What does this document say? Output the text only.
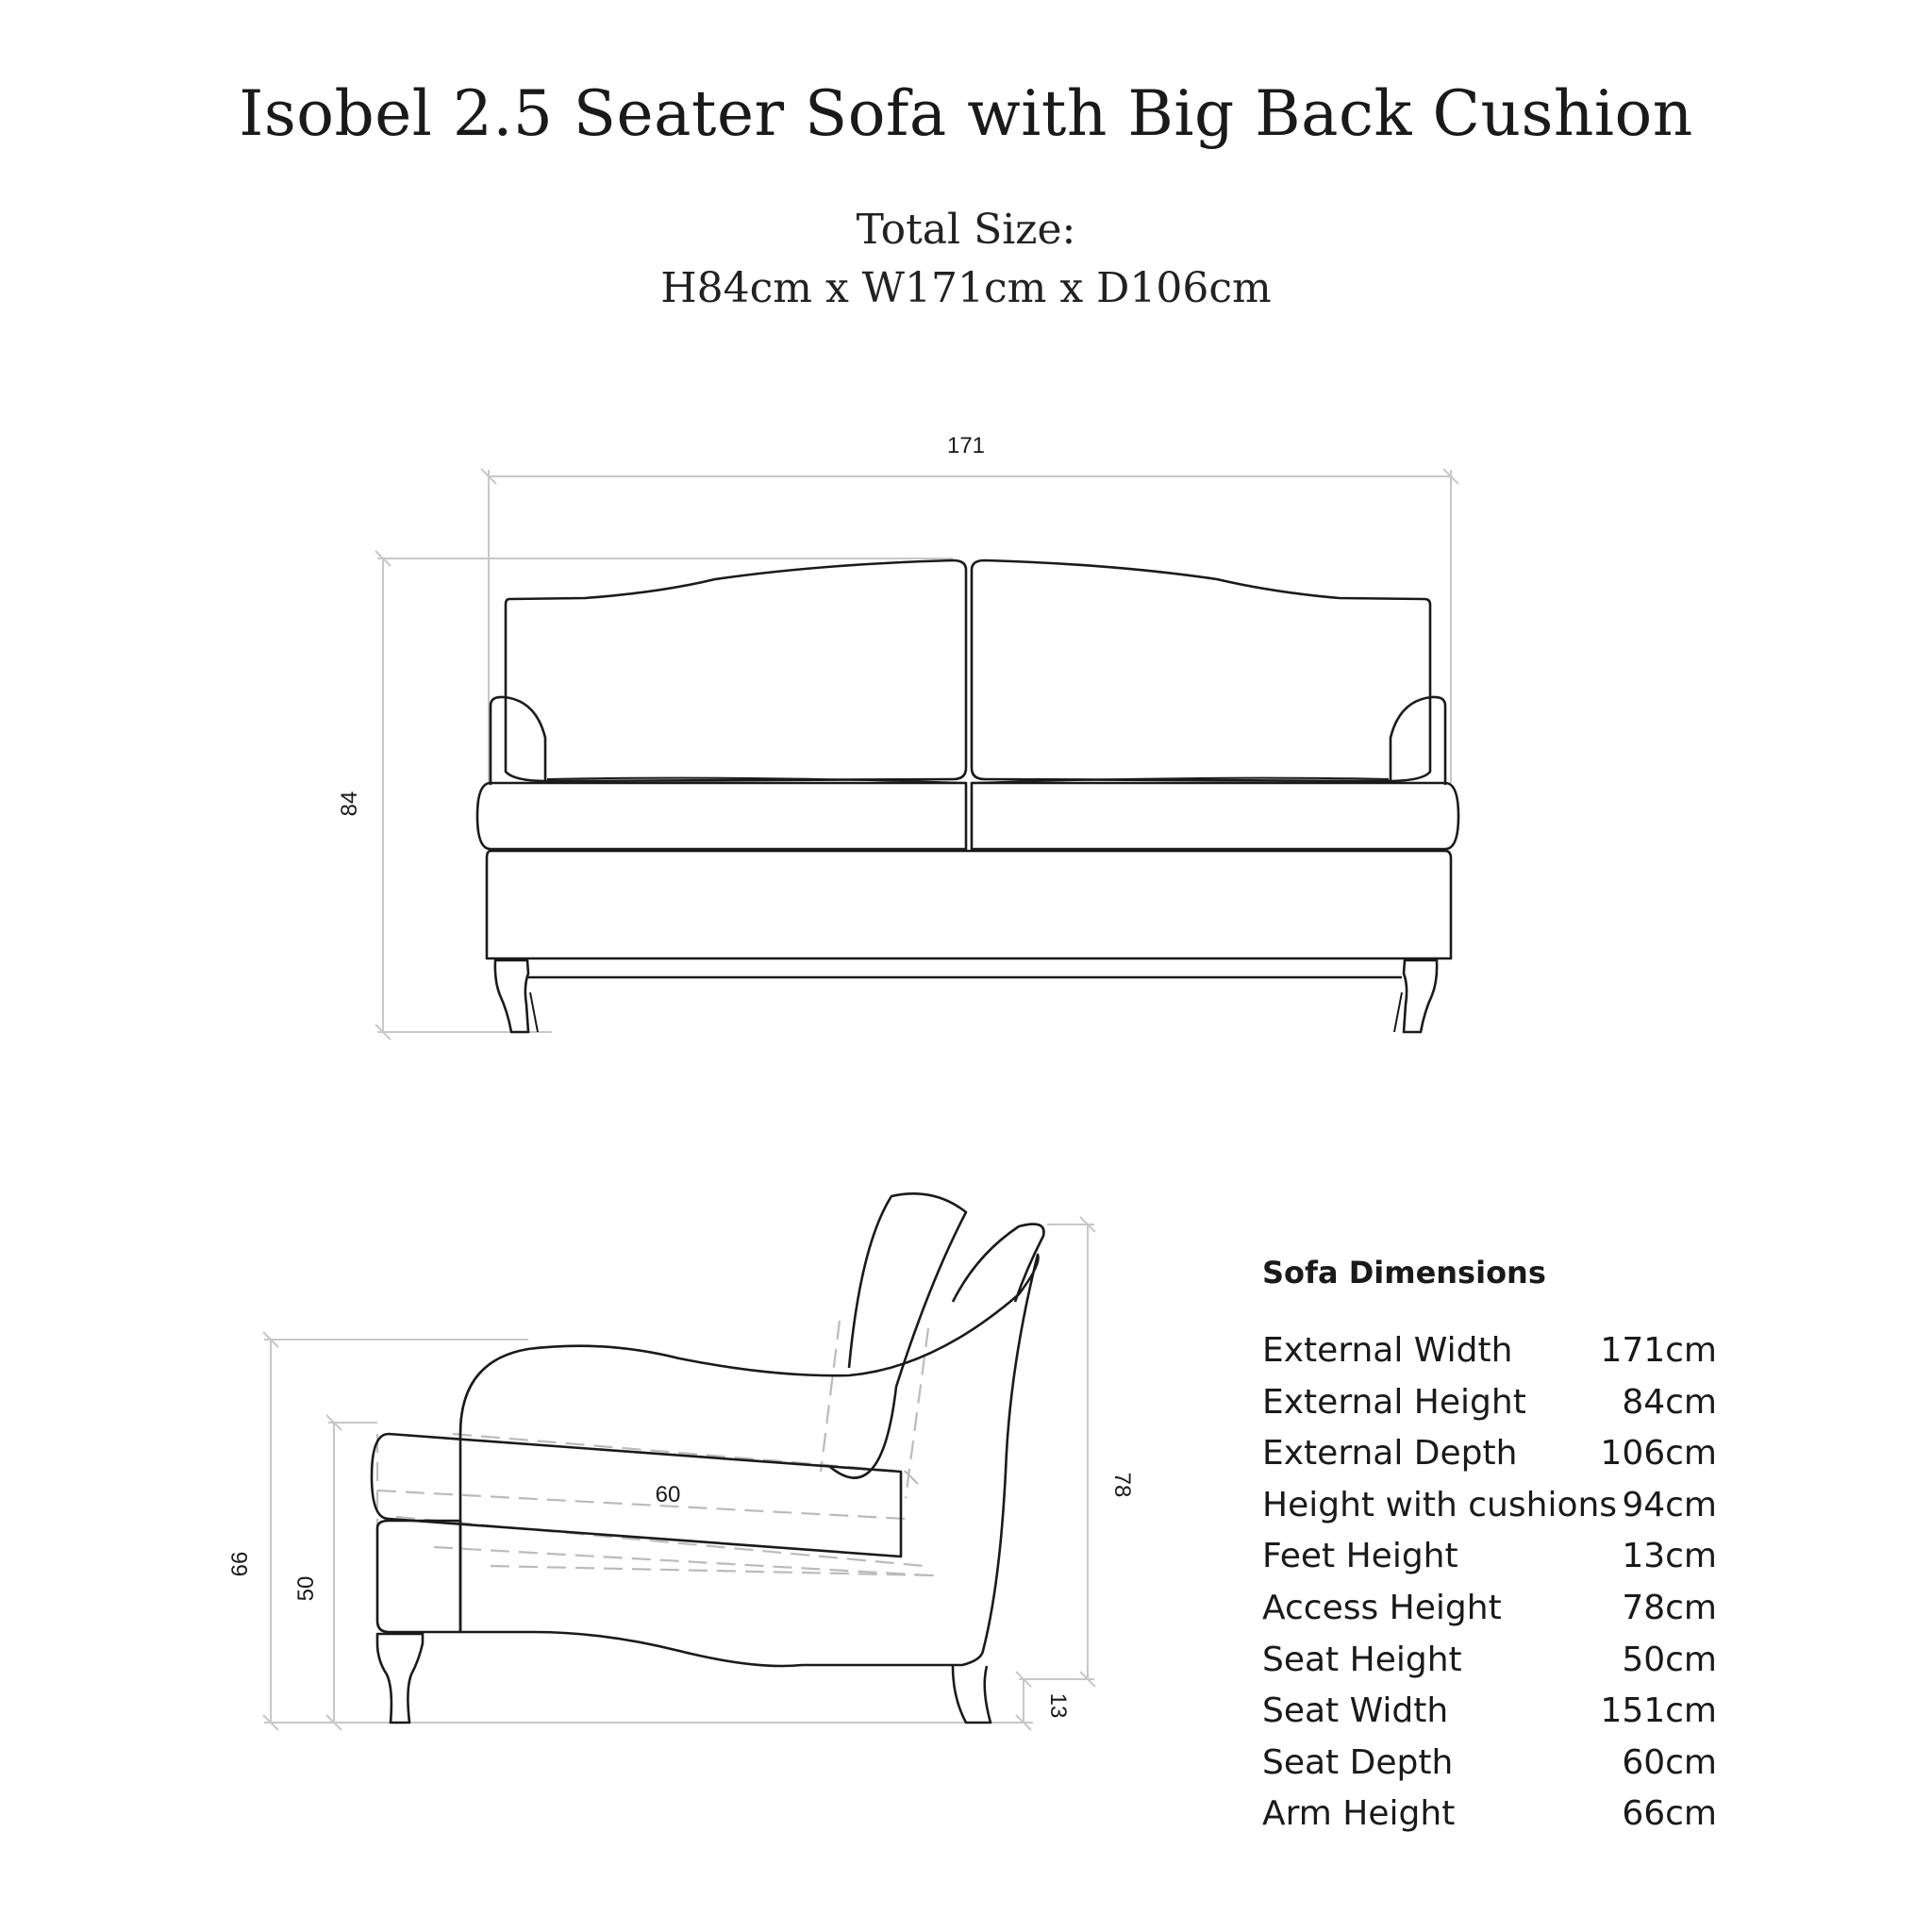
Isobel 2.5 Seater Sofa with Big Back Cushion
Total Size:
H84cm x W171cm x D106cm
171
84
60
66
50
78
13
Sofa Dimensions
External Width	171cm
External Height	84cm
External Depth 106cm
Height with cushions 94cm
Feet Height	13cm
Access Height	78cm
Seat Height	50cm
Seat Width	151cm
Seat Depth	60cm
Arm Height	66cm
